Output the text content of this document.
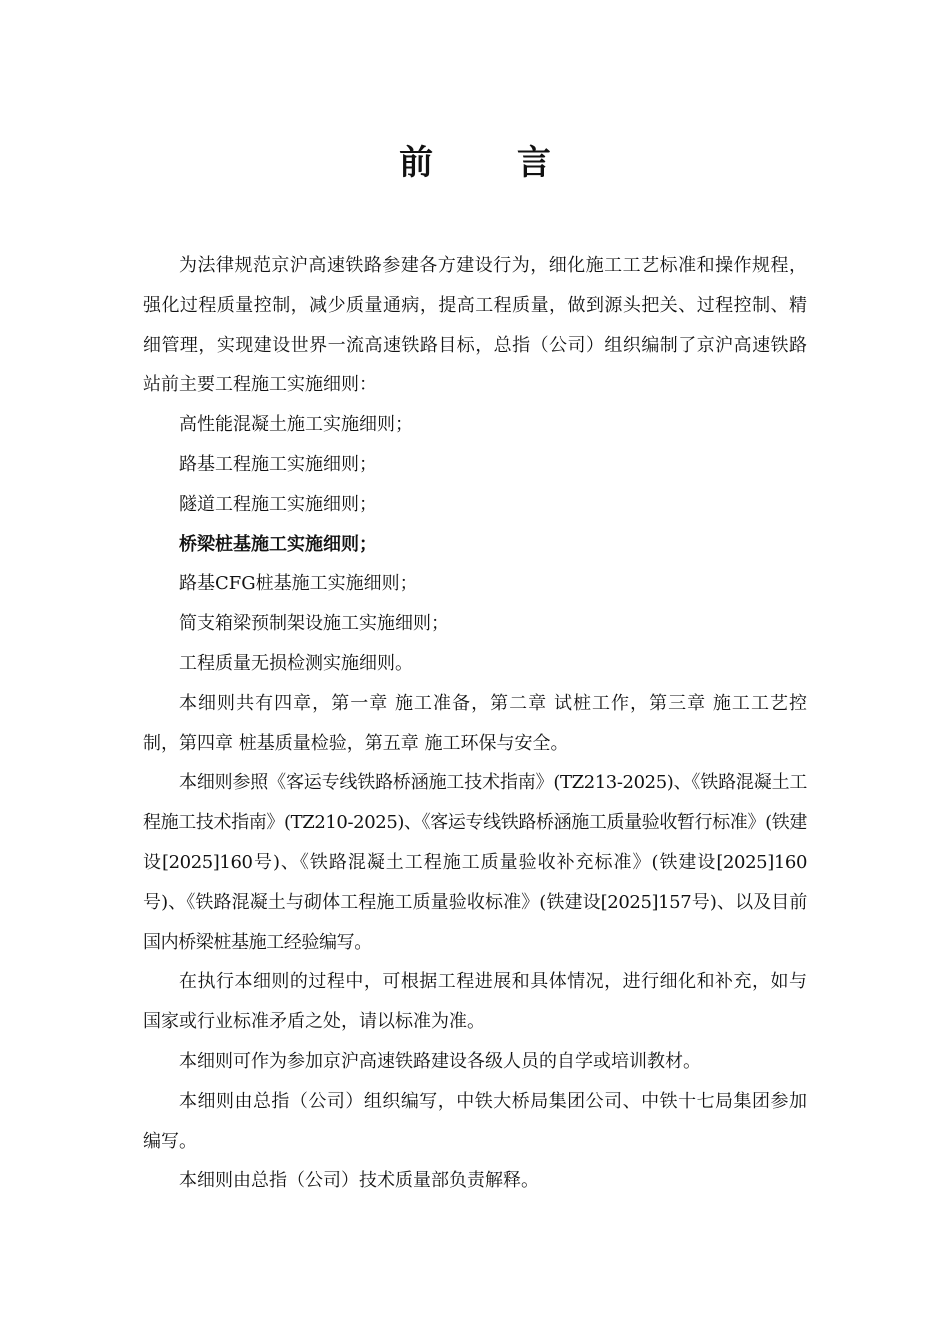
前 言

为法律规范京沪高速铁路参建各方建设行为，细化施工工艺标准和操作规程，强化过程质量控制，减少质量通病，提高工程质量，做到源头把关、过程控制、精细管理，实现建设世界一流高速铁路目标，总指（公司）组织编制了京沪高速铁路站前主要工程施工实施细则：

高性能混凝土施工实施细则；

路基工程施工实施细则；

隧道工程施工实施细则；

桥梁桩基施工实施细则；

路基CFG桩基施工实施细则；

简支箱梁预制架设施工实施细则；

工程质量无损检测实施细则。

本细则共有四章，第一章 施工准备，第二章 试桩工作，第三章 施工工艺控制，第四章 桩基质量检验，第五章 施工环保与安全。

本细则参照《客运专线铁路桥涵施工技术指南》(TZ213-2025)、《铁路混凝土工程施工技术指南》(TZ210-2025)、《客运专线铁路桥涵施工质量验收暂行标准》(铁建设[2025]160号)、《铁路混凝土工程施工质量验收补充标准》(铁建设[2025]160号)、《铁路混凝土与砌体工程施工质量验收标准》(铁建设[2025]157号)、以及目前国内桥梁桩基施工经验编写。

在执行本细则的过程中，可根据工程进展和具体情况，进行细化和补充，如与国家或行业标准矛盾之处，请以标准为准。

本细则可作为参加京沪高速铁路建设各级人员的自学或培训教材。

本细则由总指（公司）组织编写，中铁大桥局集团公司、中铁十七局集团参加编写。

本细则由总指（公司）技术质量部负责解释。
